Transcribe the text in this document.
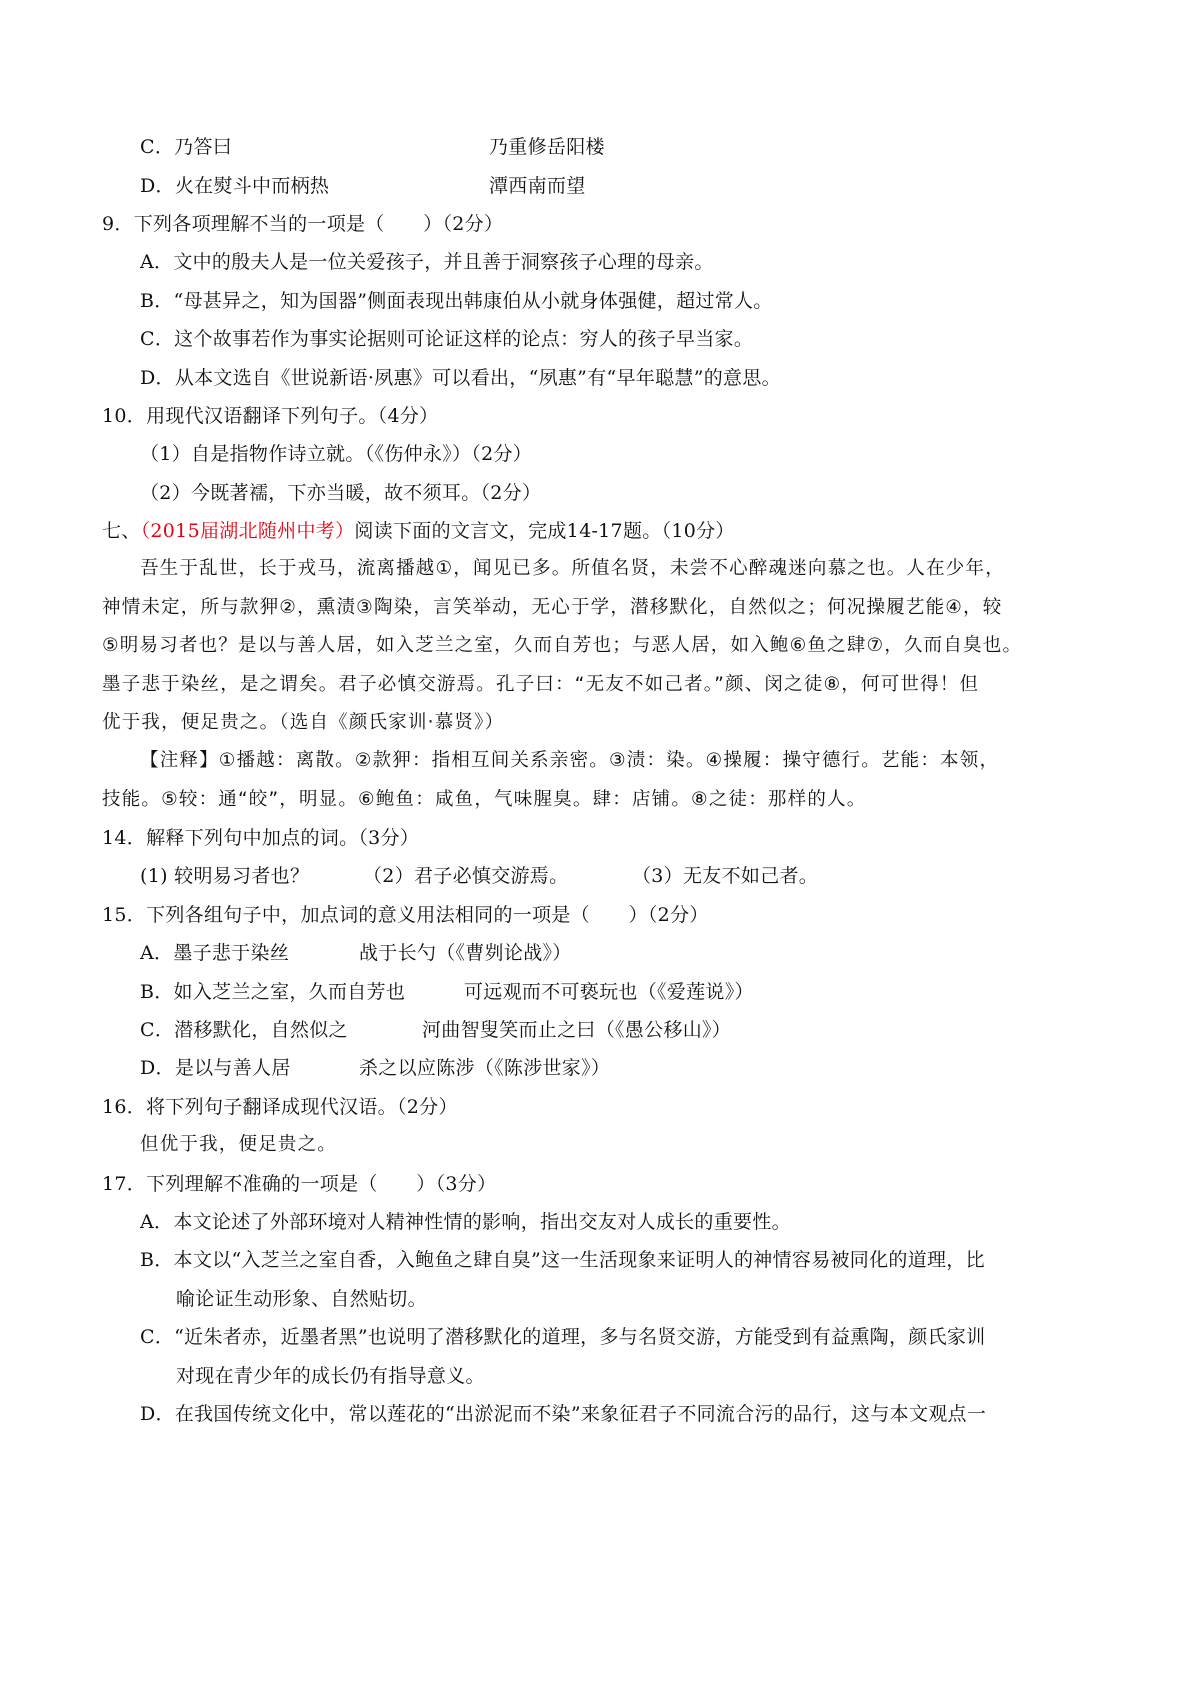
C．乃答曰	乃重修岳阳楼
D．火在熨斗中而柄热	潭西南而望
9．下列各项理解不当的一项是（　　）（2分）
A．文中的殷夫人是一位关爱孩子，并且善于洞察孩子心理的母亲。
B．“母甚异之，知为国器”侧面表现出韩康伯从小就身体强健，超过常人。
C．这个故事若作为事实论据则可论证这样的论点：穷人的孩子早当家。
D．从本文选自《世说新语·夙惠》可以看出，“夙惠”有“早年聪慧”的意思。
10．用现代汉语翻译下列句子。（4分）
（1）自是指物作诗立就。（《伤仲永》）（2分）
（2）今既著襦，下亦当暖，故不须耳。（2分）
七、（2015届湖北随州中考）阅读下面的文言文，完成14-17题。（10分）
吾生于乱世，长于戎马，流离播越①，闻见已多。所值名贤，未尝不心醉魂迷向慕之也。人在少年，
神情未定，所与款狎②，熏渍③陶染，言笑举动，无心于学，潜移默化，自然似之；何况操履艺能④，较
⑤明易习者也？是以与善人居，如入芝兰之室，久而自芳也；与恶人居，如入鲍⑥鱼之肆⑦，久而自臭也。
墨子悲于染丝，是之谓矣。君子必慎交游焉。孔子曰：“无友不如己者。”颜、闵之徒⑧，何可世得！但
优于我，便足贵之。（选自《颜氏家训·慕贤》）
【注释】①播越：离散。②款狎：指相互间关系亲密。③渍：染。④操履：操守德行。艺能：本领，
技能。⑤较：通“皎”，明显。⑥鲍鱼：咸鱼，气味腥臭。肆：店铺。⑧之徒：那样的人。
14．解释下列句中加点的词。（3分）
(1) 较明易习者也？	（2）君子必慎交游焉。	（3）无友不如己者。
15．下列各组句子中，加点词的意义用法相同的一项是（　　）（2分）
A．墨子悲于染丝	战于长勺（《曹刿论战》）
B．如入芝兰之室，久而自芳也	可远观而不可亵玩也（《爱莲说》）
C．潜移默化，自然似之	河曲智叟笑而止之曰（《愚公移山》）
D．是以与善人居	杀之以应陈涉（《陈涉世家》）
16．将下列句子翻译成现代汉语。（2分）
但优于我，便足贵之。
17．下列理解不准确的一项是（　　）（3分）
A．本文论述了外部环境对人精神性情的影响，指出交友对人成长的重要性。
B．本文以“入芝兰之室自香，入鲍鱼之肆自臭”这一生活现象来证明人的神情容易被同化的道理，比
喻论证生动形象、自然贴切。
C．“近朱者赤，近墨者黑”也说明了潜移默化的道理，多与名贤交游，方能受到有益熏陶，颜氏家训
对现在青少年的成长仍有指导意义。
D．在我国传统文化中，常以莲花的“出淤泥而不染”来象征君子不同流合污的品行，这与本文观点一
